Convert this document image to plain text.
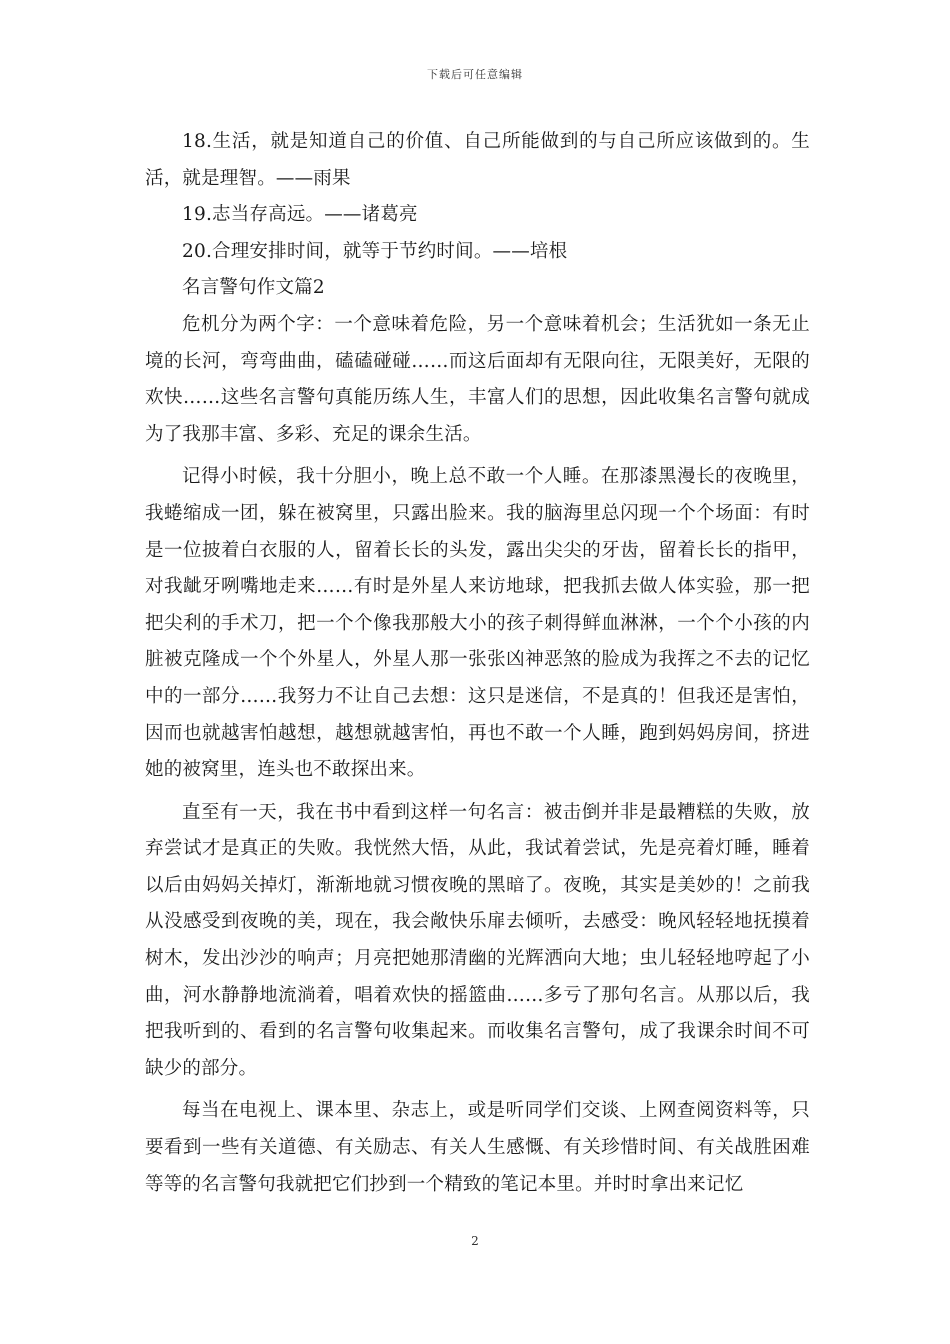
下载后可任意编辑

18.生活，就是知道自己的价值、自己所能做到的与自己所应该做到的。生活，就是理智。——雨果

19.志当存高远。——诸葛亮

20.合理安排时间，就等于节约时间。——培根

名言警句作文篇2

危机分为两个字：一个意味着危险，另一个意味着机会；生活犹如一条无止境的长河，弯弯曲曲，磕磕碰碰……而这后面却有无限向往，无限美好，无限的欢快……这些名言警句真能历练人生，丰富人们的思想，因此收集名言警句就成为了我那丰富、多彩、充足的课余生活。

记得小时候，我十分胆小，晚上总不敢一个人睡。在那漆黑漫长的夜晚里，我蜷缩成一团，躲在被窝里，只露出脸来。我的脑海里总闪现一个个场面：有时是一位披着白衣服的人，留着长长的头发，露出尖尖的牙齿，留着长长的指甲，对我龇牙咧嘴地走来……有时是外星人来访地球，把我抓去做人体实验，那一把把尖利的手术刀，把一个个像我那般大小的孩子刺得鲜血淋淋，一个个小孩的内脏被克隆成一个个外星人，外星人那一张张凶神恶煞的脸成为我挥之不去的记忆中的一部分……我努力不让自己去想：这只是迷信，不是真的！但我还是害怕，因而也就越害怕越想，越想就越害怕，再也不敢一个人睡，跑到妈妈房间，挤进她的被窝里，连头也不敢探出来。

直至有一天，我在书中看到这样一句名言：被击倒并非是最糟糕的失败，放弃尝试才是真正的失败。我恍然大悟，从此，我试着尝试，先是亮着灯睡，睡着以后由妈妈关掉灯，渐渐地就习惯夜晚的黑暗了。夜晚，其实是美妙的！之前我从没感受到夜晚的美，现在，我会敞快乐扉去倾听，去感受：晚风轻轻地抚摸着树木，发出沙沙的响声；月亮把她那清幽的光辉洒向大地；虫儿轻轻地哼起了小曲，河水静静地流淌着，唱着欢快的摇篮曲……多亏了那句名言。从那以后，我把我听到的、看到的名言警句收集起来。而收集名言警句，成了我课余时间不可缺少的部分。

每当在电视上、课本里、杂志上，或是听同学们交谈、上网查阅资料等，只要看到一些有关道德、有关励志、有关人生感慨、有关珍惜时间、有关战胜困难等等的名言警句我就把它们抄到一个精致的笔记本里。并时时拿出来记忆

2
